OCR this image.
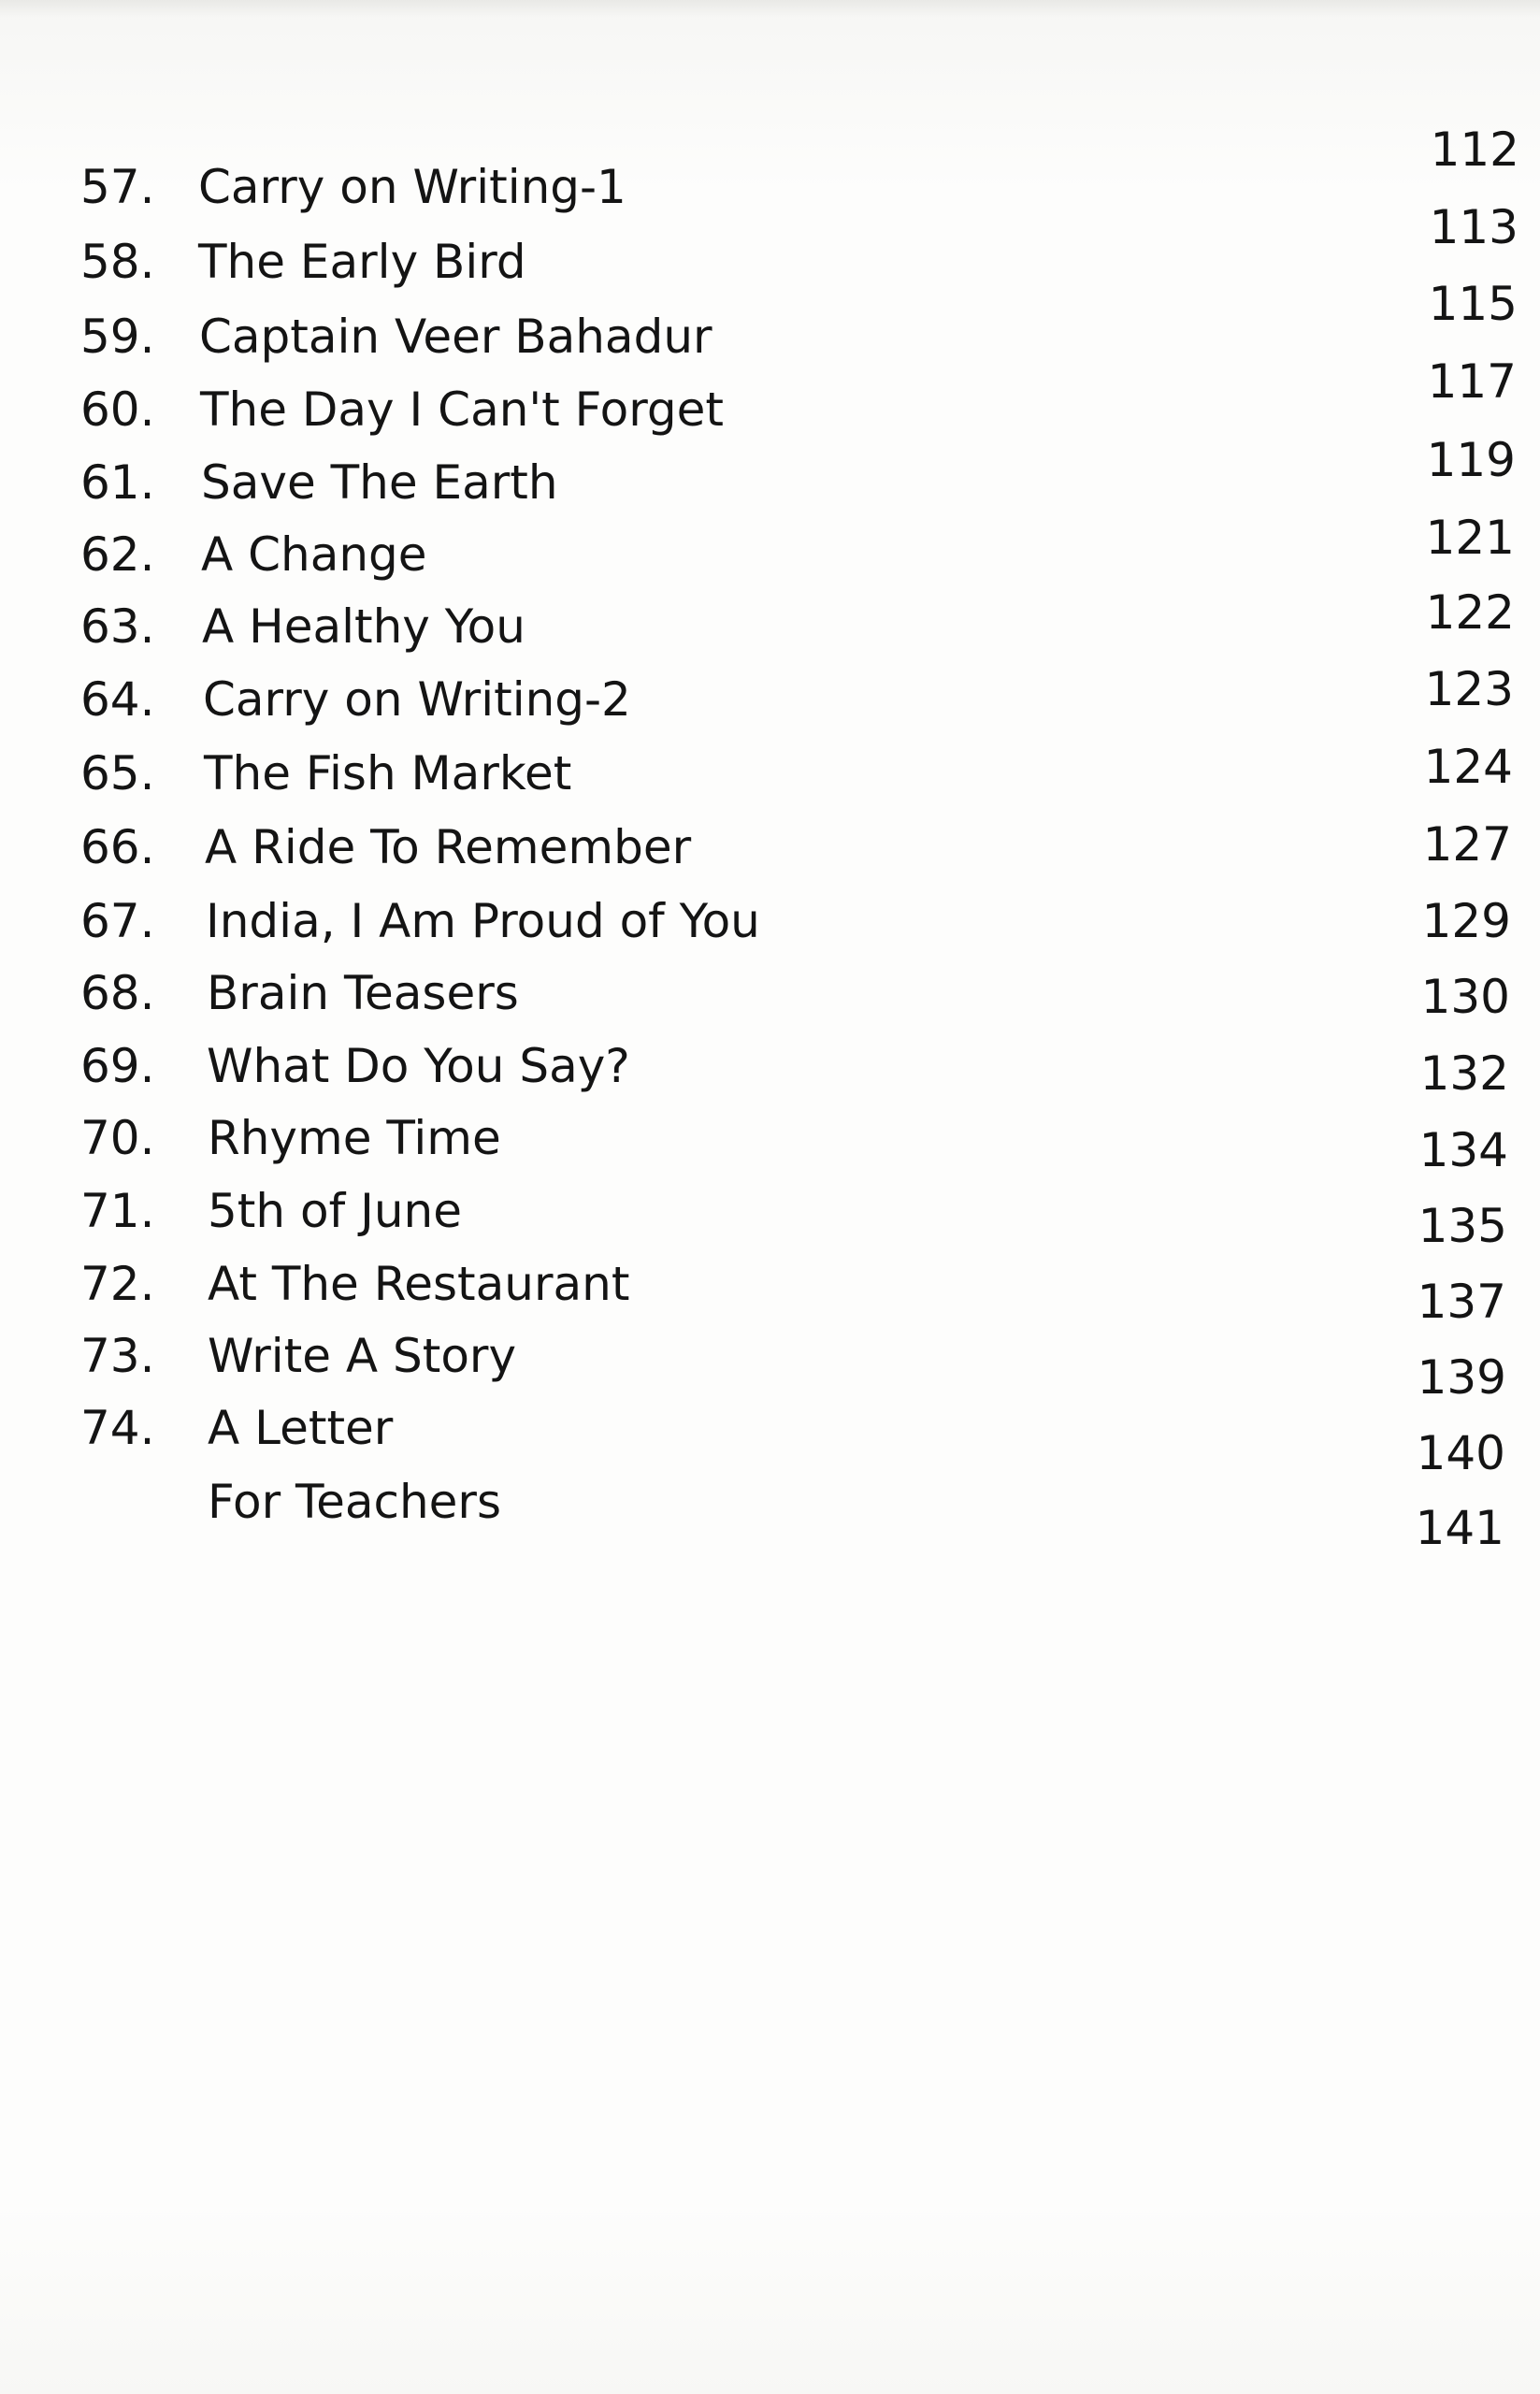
57. Carry on Writing-1
58. The Early Bird
59. Captain Veer Bahadur
60. The Day I Can't Forget
61. Save The Earth
62. A Change
63. A Healthy You
64. Carry on Writing-2
65. The Fish Market
66. A Ride To Remember
67. India, I Am Proud of You
68. Brain Teasers
69. What Do You Say?
70. Rhyme Time
71. 5th of June
72. At The Restaurant
73. Write A Story
74. A Letter
For Teachers
112
113
115
117
119
121
122
123
124
127
129
130
132
134
135
137
139
140
141
